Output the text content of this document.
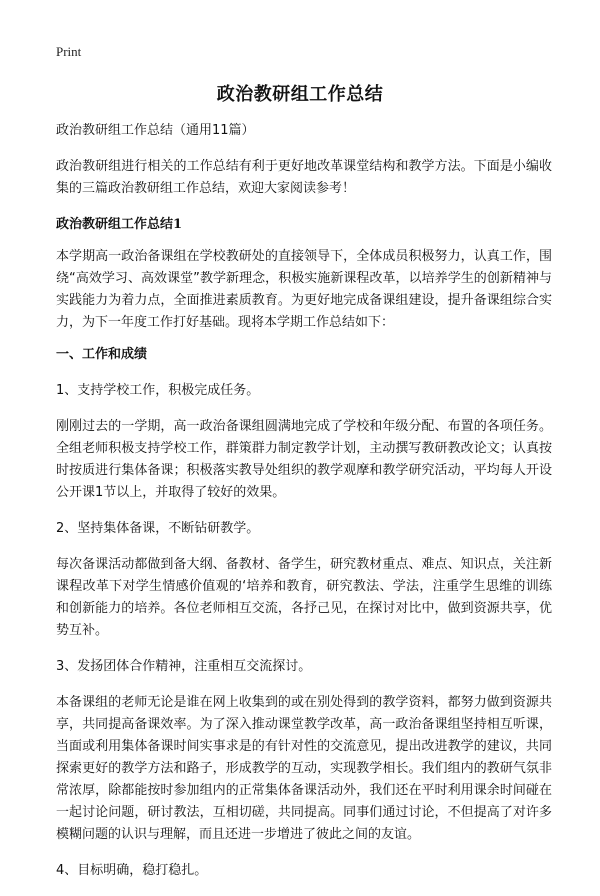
Print
政治教研组工作总结

政治教研组工作总结（通用11篇）

政治教研组进行相关的工作总结有利于更好地改革课堂结构和教学方法。下面是小编收集的三篇政治教研组工作总结，欢迎大家阅读参考！

政治教研组工作总结1

本学期高一政治备课组在学校教研处的直接领导下，全体成员积极努力，认真工作，围绕“高效学习、高效课堂”教学新理念，积极实施新课程改革，以培养学生的创新精神与实践能力为着力点，全面推进素质教育。为更好地完成备课组建设，提升备课组综合实力，为下一年度工作打好基础。现将本学期工作总结如下：

一、工作和成绩

1、支持学校工作，积极完成任务。

刚刚过去的一学期，高一政治备课组圆满地完成了学校和年级分配、布置的各项任务。全组老师积极支持学校工作，群策群力制定教学计划，主动撰写教研教改论文；认真按时按质进行集体备课；积极落实教导处组织的教学观摩和教学研究活动，平均每人开设公开课1节以上，并取得了较好的效果。

2、坚持集体备课，不断钻研教学。

每次备课活动都做到备大纲、备教材、备学生，研究教材重点、难点、知识点，关注新课程改革下对学生情感价值观的‘培养和教育，研究教法、学法，注重学生思维的训练和创新能力的培养。各位老师相互交流，各抒己见，在探讨对比中，做到资源共享，优势互补。

3、发扬团体合作精神，注重相互交流探讨。

本备课组的老师无论是谁在网上收集到的或在别处得到的教学资料，都努力做到资源共享，共同提高备课效率。为了深入推动课堂教学改革，高一政治备课组坚持相互听课，当面或利用集体备课时间实事求是的有针对性的交流意见，提出改进教学的建议，共同探索更好的教学方法和路子，形成教学的互动，实现教学相长。我们组内的教研气氛非常浓厚，除都能按时参加组内的正常集体备课活动外，我们还在平时利用课余时间碰在一起讨论问题，研讨教法，互相切磋，共同提高。同事们通过讨论，不但提高了对许多模糊问题的认识与理解，而且还进一步增进了彼此之间的友谊。

4、目标明确，稳打稳扎。
